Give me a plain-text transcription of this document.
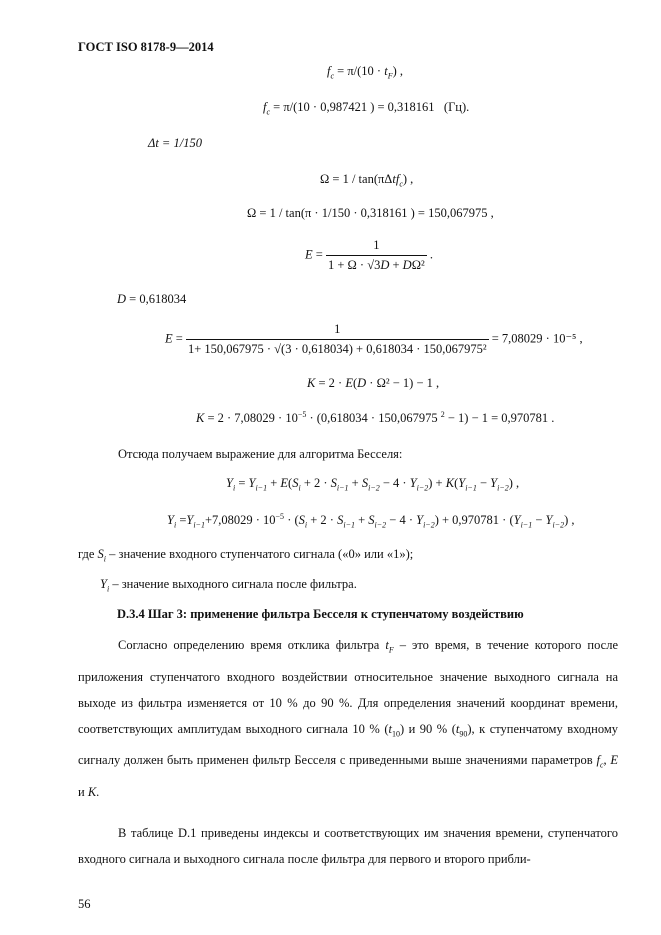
ГОСТ ISO 8178-9—2014
$f_c = \pi/(10 \cdot t_F)$ ,
$f_c = \pi/(10 \cdot 0,987421$ ) = 0,318161   (Гц).
Δt = 1/150
Ω = 1 / tan(πΔtf$_c$) ,
Ω = 1 / tan(π · 1/150 · 0,318161 ) = 150,067975 ,
$E = \frac{1}{\text{1 + Ω · √3D + DΩ²}}$ .
D = 0,618034
$E = \frac{1}{\text{1+ 150,067975 · √(3 · 0,618034) + 0,618034 · 150,067975²}} = 7,08029 \cdot 10^{-5}$ ,
K = 2 · E(D · Ω² − 1) − 1 ,
$K = 2 \cdot 7,08029 \cdot 10^{-5} \cdot (0,618034 \cdot 150,067975$ $^2$ − 1) − 1 = 0,970781 .
Отсюда получаем выражение для алгоритма Бесселя:
$Y_i = Y_{i-1} + E(S_i + 2 \cdot S_{i-1} + S_{i-2} - 4 \cdot Y_{i-2}) + K(Y_{i-1} - Y_{i-2})$ ,
$Y_i =Y_{i-1}+7,08029 \cdot 10^{-5} \cdot (S_i + 2 \cdot S_{i-1} + S_{i-2} - 4 \cdot Y_{i-2}) + 0,970781 \cdot (Y_{i-1} - Y_{i-2})$ ,
где $S_i$ – значение входного ступенчатого сигнала («0» или «1»);
$Y_i$ – значение выходного сигнала после фильтра.
D.3.4 Шаг 3: применение фильтра Бесселя к ступенчатому воздействию
Согласно определению время отклика фильтра $t_F$ – это время, в течение которого после приложения ступенчатого входного воздействии относительное значение выходного сигнала на выходе из фильтра изменяется от 10 % до 90 %. Для определения значений координат времени, соответствующих амплитудам выходного сигнала 10 % $(t_{10})$ и 90 % $(t_{90})$, к ступенчатому входному сигналу должен быть применен фильтр Бесселя с приведенными выше значениями параметров $f_c$, E и K.
В таблице D.1 приведены индексы и соответствующих им значения времени, ступенчатого входного сигнала и выходного сигнала после фильтра для первого и второго прибли-
56
